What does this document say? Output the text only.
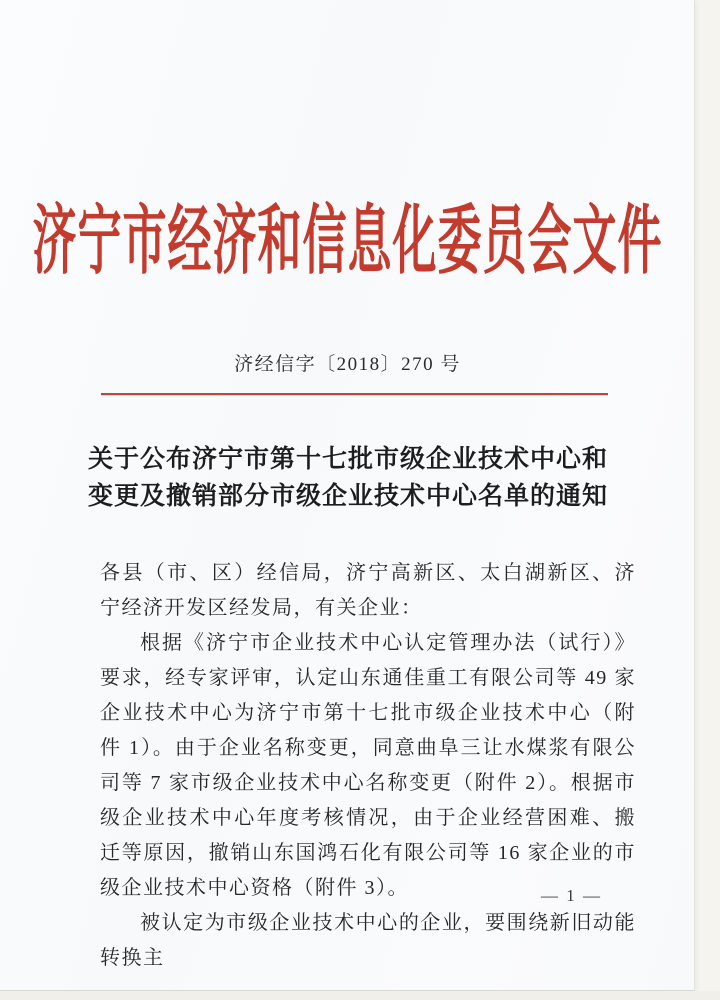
济宁市经济和信息化委员会文件
济经信字〔2018〕270 号
关于公布济宁市第十七批市级企业技术中心和
变更及撤销部分市级企业技术中心名单的通知

各县（市、区）经信局，济宁高新区、太白湖新区、济宁经济开发区经发局，有关企业：

根据《济宁市企业技术中心认定管理办法（试行）》要求，经专家评审，认定山东通佳重工有限公司等 49 家企业技术中心为济宁市第十七批市级企业技术中心（附件 1）。由于企业名称变更，同意曲阜三让水煤浆有限公司等 7 家市级企业技术中心名称变更（附件 2）。根据市级企业技术中心年度考核情况，由于企业经营困难、搬迁等原因，撤销山东国鸿石化有限公司等 16 家企业的市级企业技术中心资格（附件 3）。

被认定为市级企业技术中心的企业，要围绕新旧动能转换主

— 1 —
